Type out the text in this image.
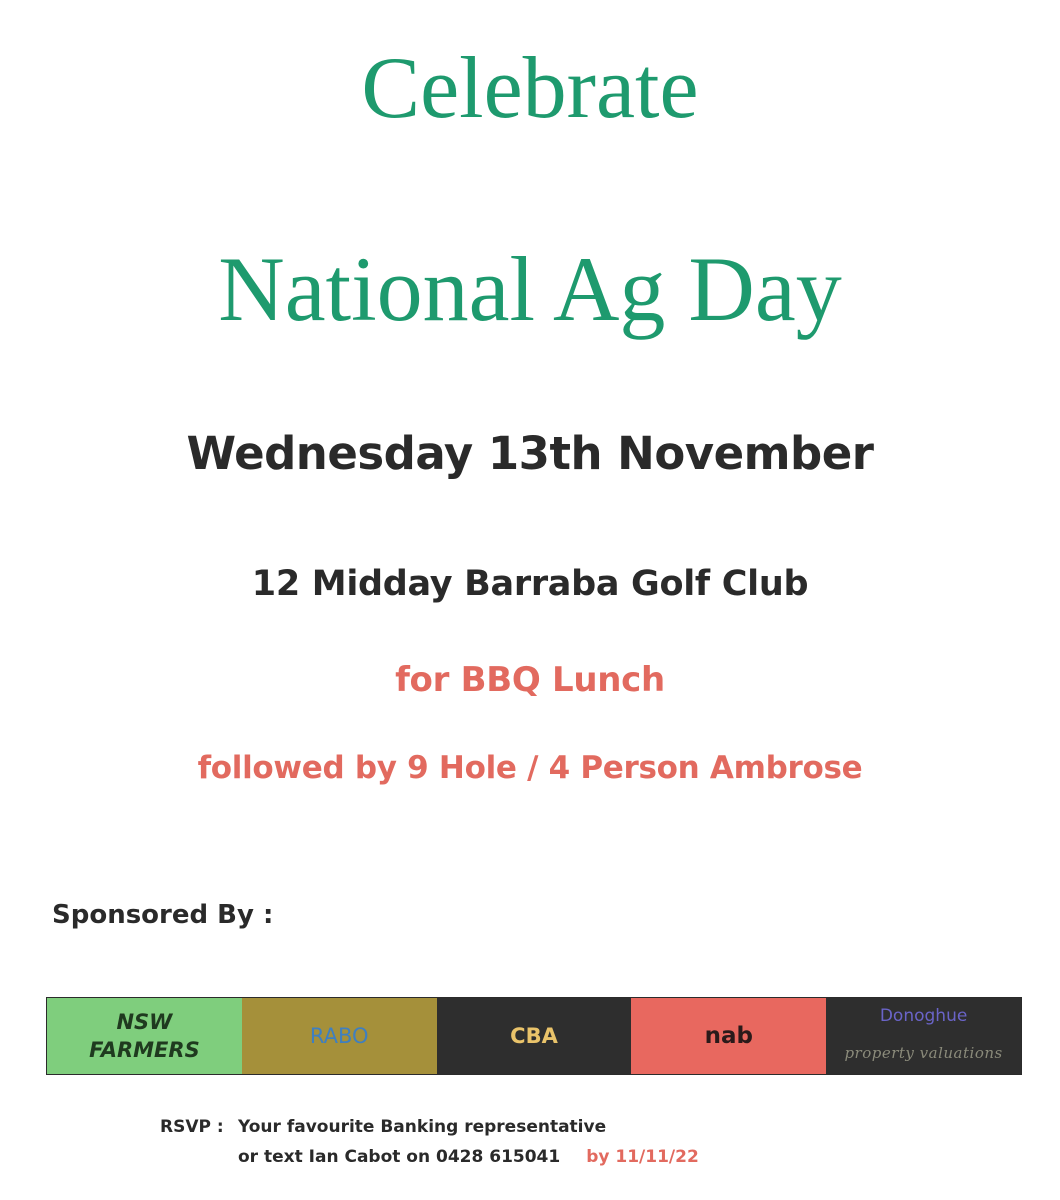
Celebrate
National Ag Day
Wednesday 13th November
12 Midday Barraba Golf Club
for BBQ Lunch
followed by 9 Hole / 4 Person Ambrose
Sponsored By :
NSW
FARMERS
RABO	CBA	nab
Donoghue
property valuations
RSVP : Your favourite Banking representative
or text Ian Cabot on 0428 615041 by 11/11/22
